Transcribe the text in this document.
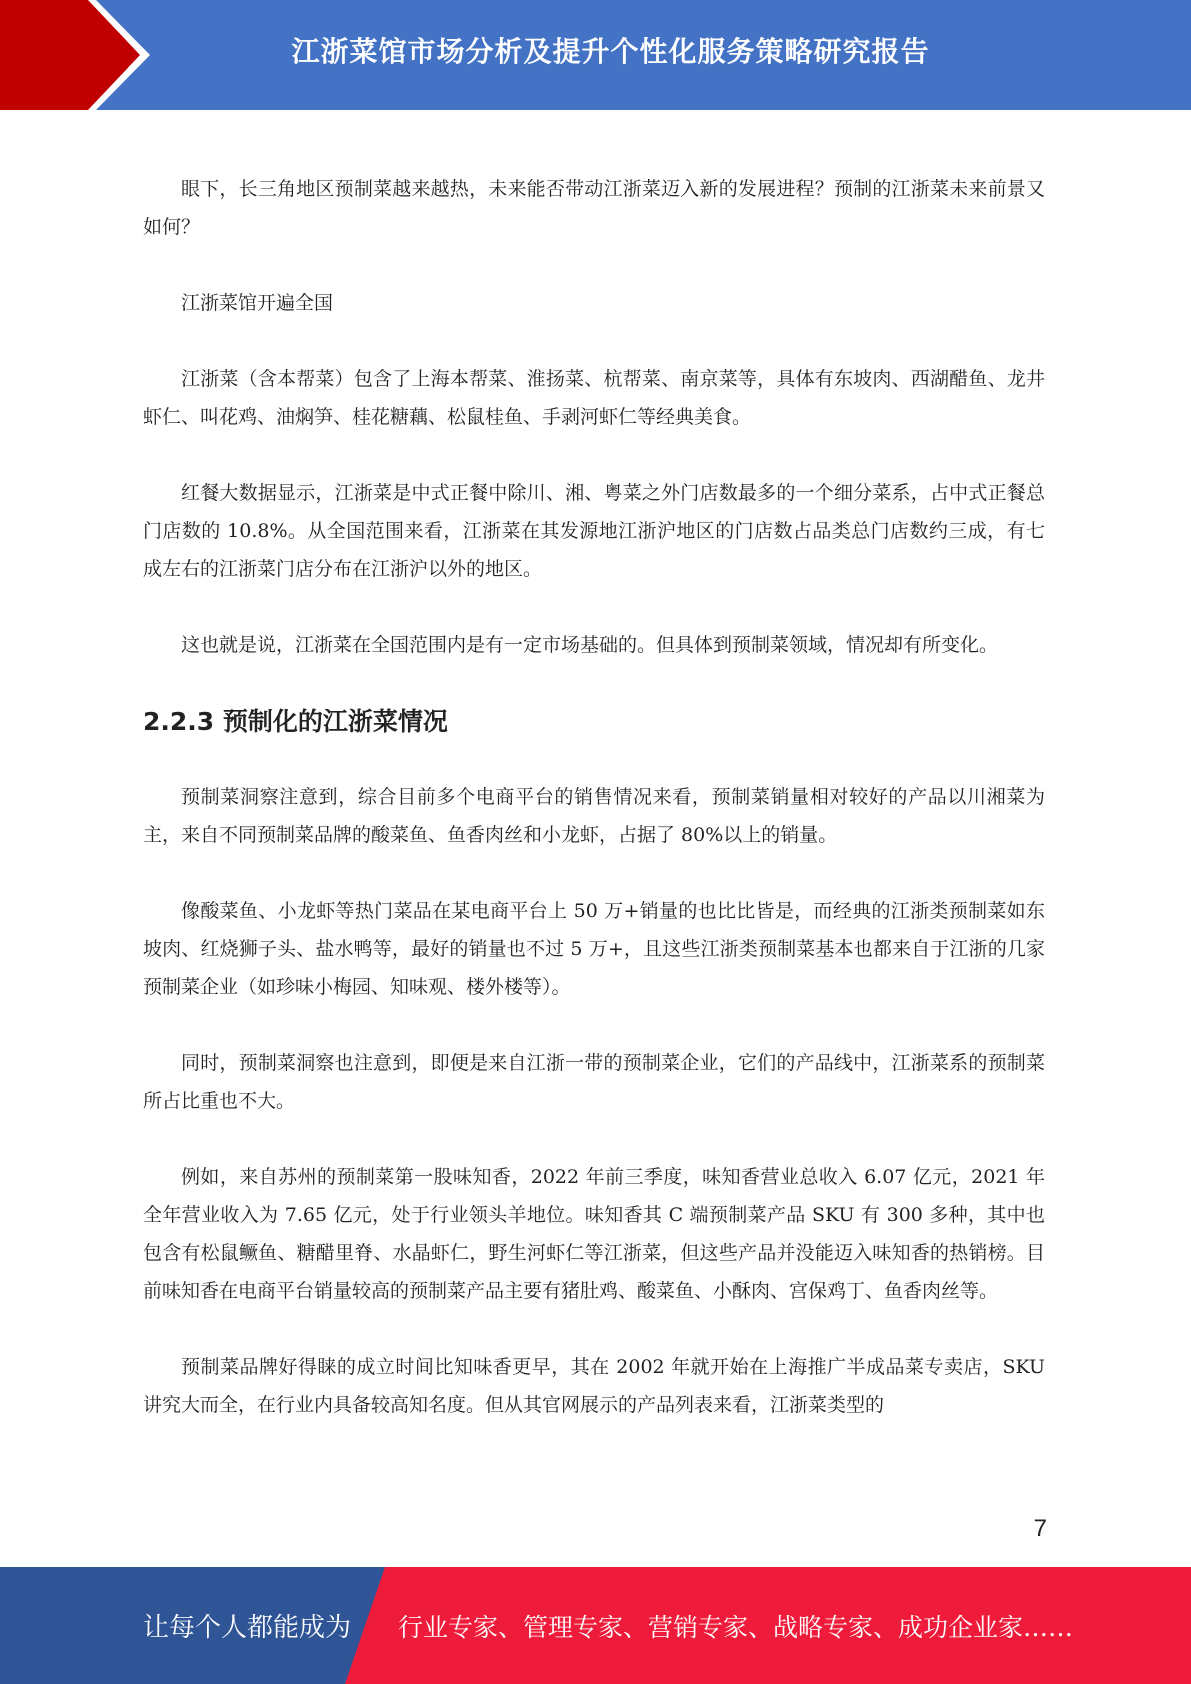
江浙菜馆市场分析及提升个性化服务策略研究报告

眼下，长三角地区预制菜越来越热，未来能否带动江浙菜迈入新的发展进程？预制的江浙菜未来前景又如何？

江浙菜馆开遍全国

江浙菜（含本帮菜）包含了上海本帮菜、淮扬菜、杭帮菜、南京菜等，具体有东坡肉、西湖醋鱼、龙井虾仁、叫花鸡、油焖笋、桂花糖藕、松鼠桂鱼、手剥河虾仁等经典美食。

红餐大数据显示，江浙菜是中式正餐中除川、湘、粤菜之外门店数最多的一个细分菜系，占中式正餐总门店数的 10.8%。从全国范围来看，江浙菜在其发源地江浙沪地区的门店数占品类总门店数约三成，有七成左右的江浙菜门店分布在江浙沪以外的地区。

这也就是说，江浙菜在全国范围内是有一定市场基础的。但具体到预制菜领域，情况却有所变化。

2.2.3 预制化的江浙菜情况

预制菜洞察注意到，综合目前多个电商平台的销售情况来看，预制菜销量相对较好的产品以川湘菜为主，来自不同预制菜品牌的酸菜鱼、鱼香肉丝和小龙虾，占据了 80%以上的销量。

像酸菜鱼、小龙虾等热门菜品在某电商平台上 50 万+销量的也比比皆是，而经典的江浙类预制菜如东坡肉、红烧狮子头、盐水鸭等，最好的销量也不过 5 万+，且这些江浙类预制菜基本也都来自于江浙的几家预制菜企业（如珍味小梅园、知味观、楼外楼等）。

同时，预制菜洞察也注意到，即便是来自江浙一带的预制菜企业，它们的产品线中，江浙菜系的预制菜所占比重也不大。

例如，来自苏州的预制菜第一股味知香，2022 年前三季度，味知香营业总收入 6.07 亿元，2021 年全年营业收入为 7.65 亿元，处于行业领头羊地位。味知香其 C 端预制菜产品 SKU 有 300 多种，其中也包含有松鼠鳜鱼、糖醋里脊、水晶虾仁，野生河虾仁等江浙菜，但这些产品并没能迈入味知香的热销榜。目前味知香在电商平台销量较高的预制菜产品主要有猪肚鸡、酸菜鱼、小酥肉、宫保鸡丁、鱼香肉丝等。

预制菜品牌好得睐的成立时间比知味香更早，其在 2002 年就开始在上海推广半成品菜专卖店，SKU 讲究大而全，在行业内具备较高知名度。但从其官网展示的产品列表来看，江浙菜类型的

7
让每个人都能成为 行业专家、管理专家、营销专家、战略专家、成功企业家……
